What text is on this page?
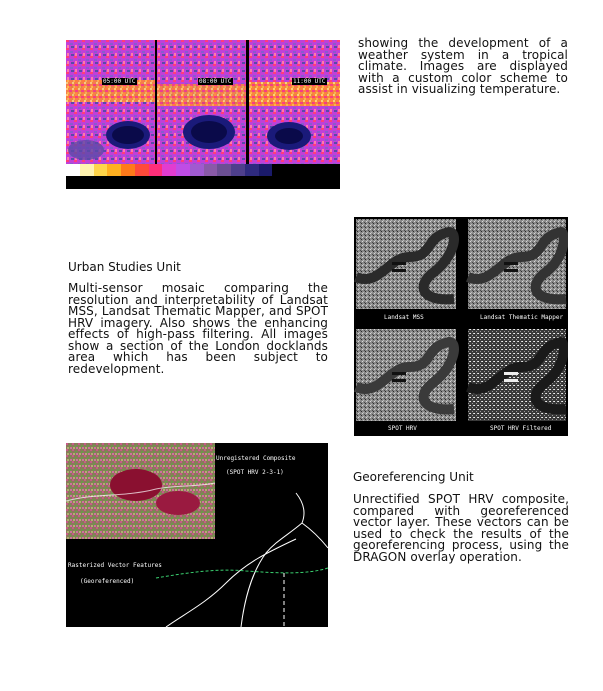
05:00 UTC	08:00 UTC	11:00 UTC
showing the development of a weather system in a tropical climate. Images are displayed with a custom color scheme to assist in visualizing temperature.
Urban Studies Unit
Multi-sensor mosaic comparing the resolution and interpretability of Landsat MSS, Landsat Thematic Mapper, and SPOT HRV imagery. Also shows the enhancing effects of high-pass filtering. All images show a section of the London docklands area which has been subject to redevelopment.
Landsat MSS	Landsat Thematic Mapper
SPOT HRV	SPOT HRV Filtered
Unregistered Composite
(SPOT HRV 2-3-1)
Rasterized Vector Features
(Georeferenced)
Georeferencing Unit
Unrectified SPOT HRV composite, compared with georeferenced vector layer. These vectors can be used to check the results of the georeferencing process, using the DRAGON overlay operation.
